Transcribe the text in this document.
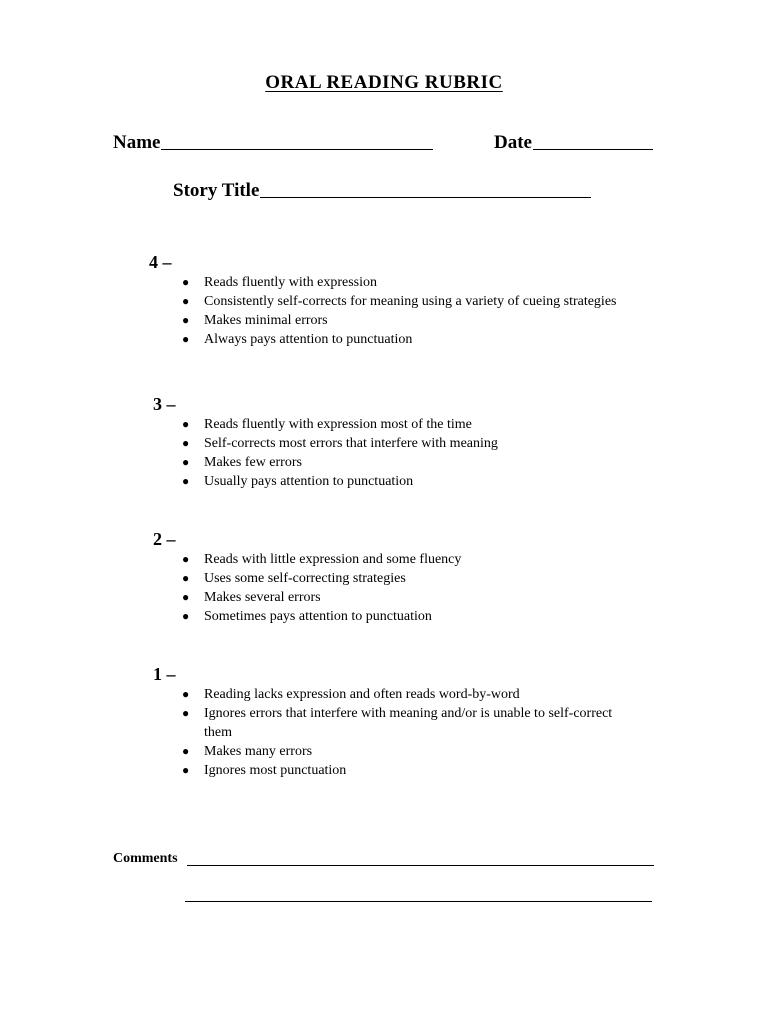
ORAL READING RUBRIC
Name	Date
Story Title
4 –
● Reads fluently with expression
● Consistently self-corrects for meaning using a variety of cueing strategies
● Makes minimal errors
● Always pays attention to punctuation
3 –
● Reads fluently with expression most of the time
● Self-corrects most errors that interfere with meaning
● Makes few errors
● Usually pays attention to punctuation
2 –
● Reads with little expression and some fluency
● Uses some self-correcting strategies
● Makes several errors
● Sometimes pays attention to punctuation
1 –
● Reading lacks expression and often reads word-by-word
● Ignores errors that interfere with meaning and/or is unable to self-correct them
● Makes many errors
● Ignores most punctuation
Comments
